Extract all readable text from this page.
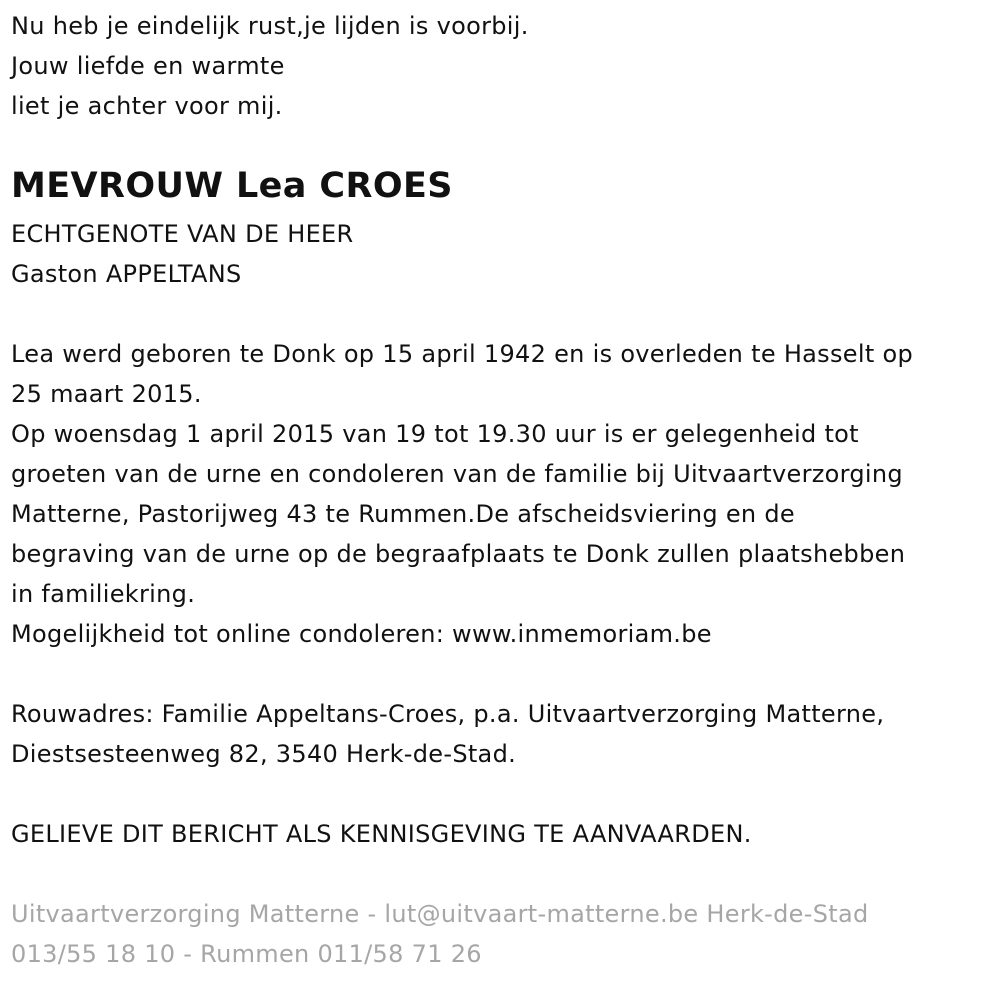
Nu heb je eindelijk rust,je lijden is voorbij.
Jouw liefde en warmte
liet je achter voor mij.
MEVROUW Lea CROES
ECHTGENOTE VAN DE HEER
Gaston APPELTANS
Lea werd geboren te Donk op 15 april 1942 en is overleden te Hasselt op
25 maart 2015.
Op woensdag 1 april 2015 van 19 tot 19.30 uur is er gelegenheid tot
groeten van de urne en condoleren van de familie bij Uitvaartverzorging
Matterne, Pastorijweg 43 te Rummen.De afscheidsviering en de
begraving van de urne op de begraafplaats te Donk zullen plaatshebben
in familiekring.
Mogelijkheid tot online condoleren: www.inmemoriam.be
Rouwadres: Familie Appeltans-Croes, p.a. Uitvaartverzorging Matterne,
Diestsesteenweg 82, 3540 Herk-de-Stad.
GELIEVE DIT BERICHT ALS KENNISGEVING TE AANVAARDEN.
Uitvaartverzorging Matterne - lut@uitvaart-matterne.be Herk-de-Stad
013/55 18 10 - Rummen 011/58 71 26
